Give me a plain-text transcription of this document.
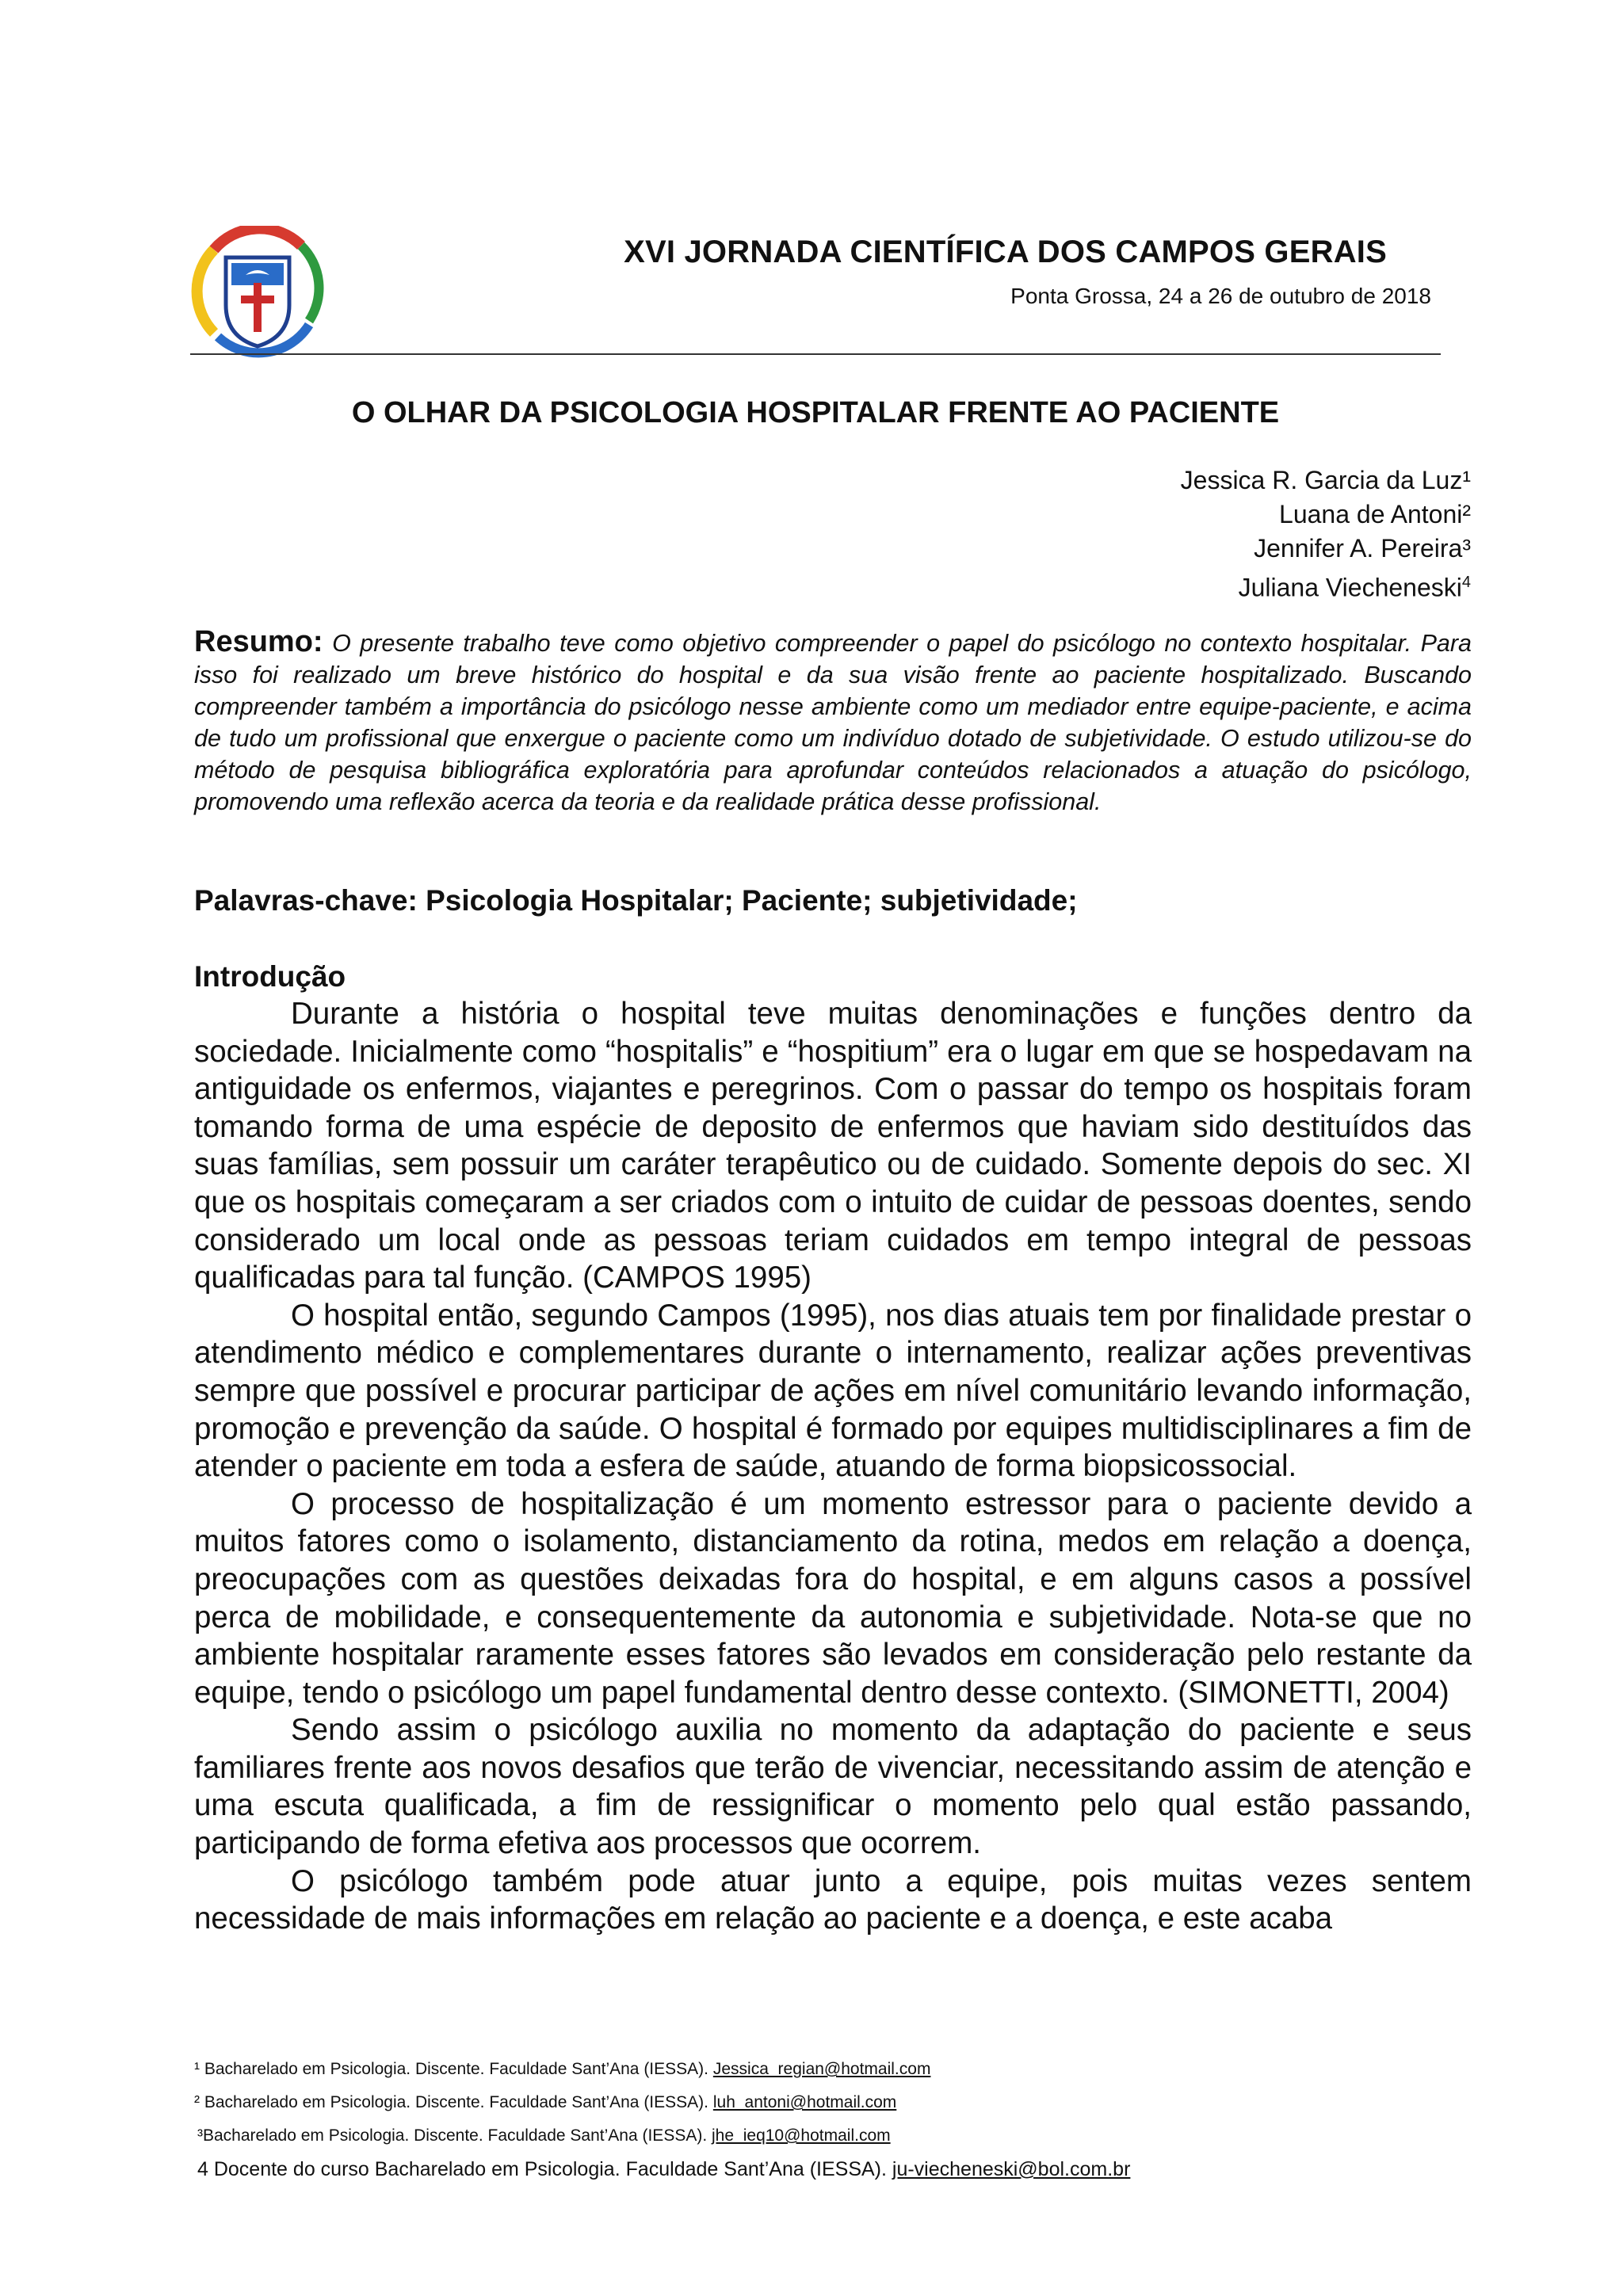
XVI JORNADA CIENTÍFICA DOS CAMPOS GERAIS
Ponta Grossa, 24 a 26 de outubro de 2018
O OLHAR DA PSICOLOGIA HOSPITALAR FRENTE AO PACIENTE
Jessica R. Garcia da Luz¹
Luana de Antoni²
Jennifer A. Pereira³
Juliana Viecheneski$^4$
Resumo: O presente trabalho teve como objetivo compreender o papel do psicólogo no contexto hospitalar. Para isso foi realizado um breve histórico do hospital e da sua visão frente ao paciente hospitalizado. Buscando compreender também a importância do psicólogo nesse ambiente como um mediador entre equipe-paciente, e acima de tudo um profissional que enxergue o paciente como um indivíduo dotado de subjetividade. O estudo utilizou-se do método de pesquisa bibliográfica exploratória para aprofundar conteúdos relacionados a atuação do psicólogo, promovendo uma reflexão acerca da teoria e da realidade prática desse profissional.
Palavras-chave: Psicologia Hospitalar; Paciente; subjetividade;
Introdução

Durante a história o hospital teve muitas denominações e funções dentro da sociedade. Inicialmente como “hospitalis” e “hospitium” era o lugar em que se hospedavam na antiguidade os enfermos, viajantes e peregrinos. Com o passar do tempo os hospitais foram tomando forma de uma espécie de deposito de enfermos que haviam sido destituídos das suas famílias, sem possuir um caráter terapêutico ou de cuidado. Somente depois do sec. XI que os hospitais começaram a ser criados com o intuito de cuidar de pessoas doentes, sendo considerado um local onde as pessoas teriam cuidados em tempo integral de pessoas qualificadas para tal função. (CAMPOS 1995)

O hospital então, segundo Campos (1995), nos dias atuais tem por finalidade prestar o atendimento médico e complementares durante o internamento, realizar ações preventivas sempre que possível e procurar participar de ações em nível comunitário levando informação, promoção e prevenção da saúde. O hospital é formado por equipes multidisciplinares a fim de atender o paciente em toda a esfera de saúde, atuando de forma biopsicossocial.

O processo de hospitalização é um momento estressor para o paciente devido a muitos fatores como o isolamento, distanciamento da rotina, medos em relação a doença, preocupações com as questões deixadas fora do hospital, e em alguns casos a possível perca de mobilidade, e consequentemente da autonomia e subjetividade. Nota-se que no ambiente hospitalar raramente esses fatores são levados em consideração pelo restante da equipe, tendo o psicólogo um papel fundamental dentro desse contexto. (SIMONETTI, 2004)

Sendo assim o psicólogo auxilia no momento da adaptação do paciente e seus familiares frente aos novos desafios que terão de vivenciar, necessitando assim de atenção e uma escuta qualificada, a fim de ressignificar o momento pelo qual estão passando, participando de forma efetiva aos processos que ocorrem.

O psicólogo também pode atuar junto a equipe, pois muitas vezes sentem necessidade de mais informações em relação ao paciente e a doença, e este acaba

¹ Bacharelado em Psicologia. Discente. Faculdade Sant’Ana (IESSA). Jessica_regian@hotmail.com
² Bacharelado em Psicologia. Discente. Faculdade Sant’Ana (IESSA). luh_antoni@hotmail.com
³Bacharelado em Psicologia. Discente. Faculdade Sant’Ana (IESSA). jhe_ieq10@hotmail.com
4 Docente do curso Bacharelado em Psicologia. Faculdade Sant’Ana (IESSA). ju-viecheneski@bol.com.br
